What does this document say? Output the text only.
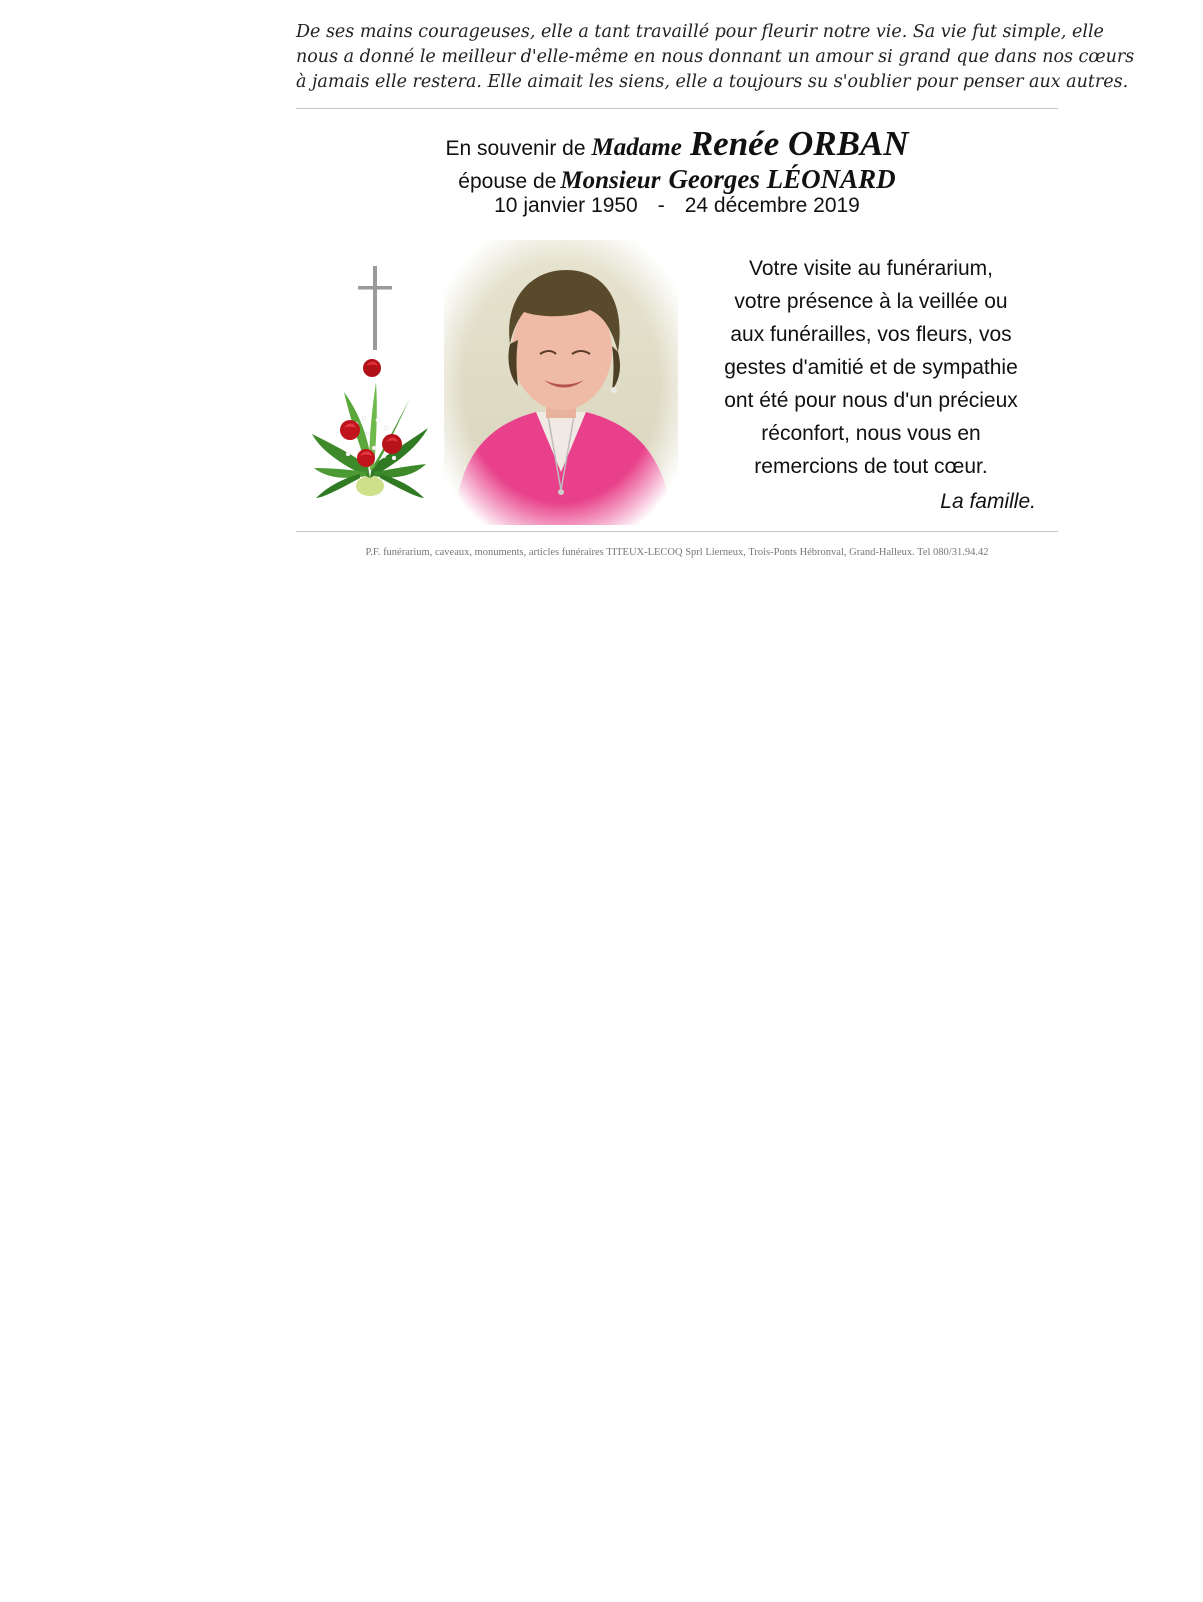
De ses mains courageuses, elle a tant travaillé pour fleurir notre vie. Sa vie fut simple, elle
nous a donné le meilleur d'elle-même en nous donnant un amour si grand que dans nos cœurs
à jamais elle restera. Elle aimait les siens, elle a toujours su s'oublier pour penser aux autres.
En souvenir de Madame Renée ORBAN
épouse de Monsieur Georges LÉONARD
10 janvier 1950 - 24 décembre 2019
Votre visite au funérarium,
votre présence à la veillée ou
aux funérailles, vos fleurs, vos
gestes d'amitié et de sympathie
ont été pour nous d'un précieux
réconfort, nous vous en
remercions de tout cœur.
La famille.
P.F. funérarium, caveaux, monuments, articles funéraires TITEUX-LECOQ Sprl Lierneux, Trois-Ponts Hébronval, Grand-Halleux. Tel 080/31.94.42
